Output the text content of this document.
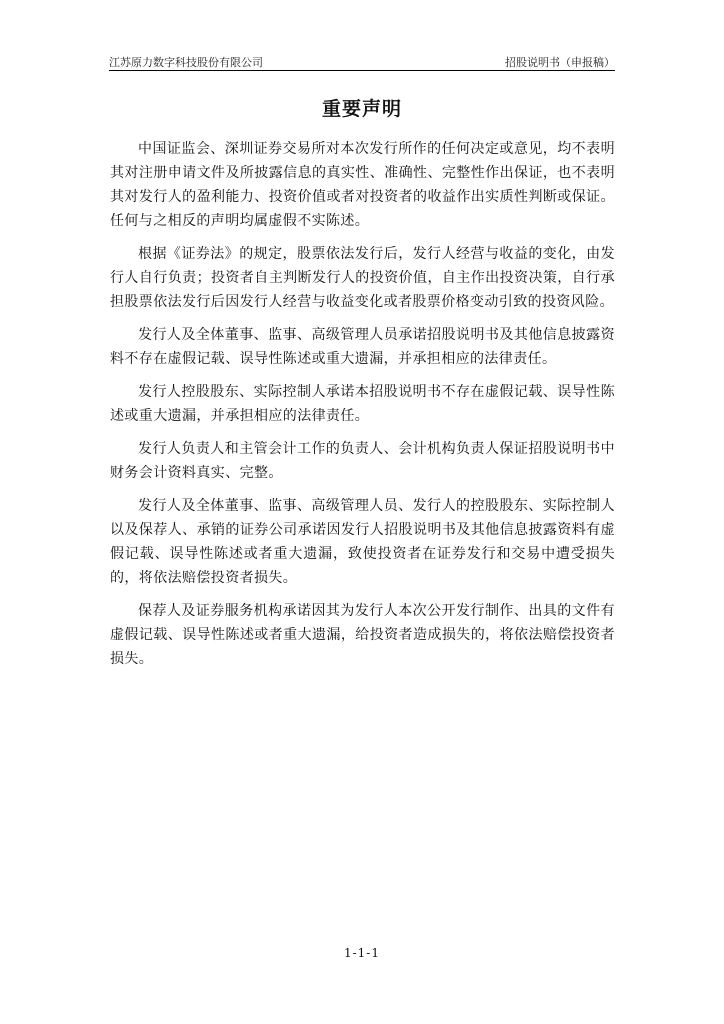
江苏原力数字科技股份有限公司	招股说明书（申报稿）
重要声明

中国证监会、深圳证券交易所对本次发行所作的任何决定或意见，均不表明其对注册申请文件及所披露信息的真实性、准确性、完整性作出保证，也不表明其对发行人的盈利能力、投资价值或者对投资者的收益作出实质性判断或保证。任何与之相反的声明均属虚假不实陈述。

根据《证券法》的规定，股票依法发行后，发行人经营与收益的变化，由发行人自行负责；投资者自主判断发行人的投资价值，自主作出投资决策，自行承担股票依法发行后因发行人经营与收益变化或者股票价格变动引致的投资风险。

发行人及全体董事、监事、高级管理人员承诺招股说明书及其他信息披露资料不存在虚假记载、误导性陈述或重大遗漏，并承担相应的法律责任。

发行人控股股东、实际控制人承诺本招股说明书不存在虚假记载、误导性陈述或重大遗漏，并承担相应的法律责任。

发行人负责人和主管会计工作的负责人、会计机构负责人保证招股说明书中财务会计资料真实、完整。

发行人及全体董事、监事、高级管理人员、发行人的控股股东、实际控制人以及保荐人、承销的证券公司承诺因发行人招股说明书及其他信息披露资料有虚假记载、误导性陈述或者重大遗漏，致使投资者在证券发行和交易中遭受损失的，将依法赔偿投资者损失。

保荐人及证券服务机构承诺因其为发行人本次公开发行制作、出具的文件有虚假记载、误导性陈述或者重大遗漏，给投资者造成损失的，将依法赔偿投资者损失。

1-1-1
